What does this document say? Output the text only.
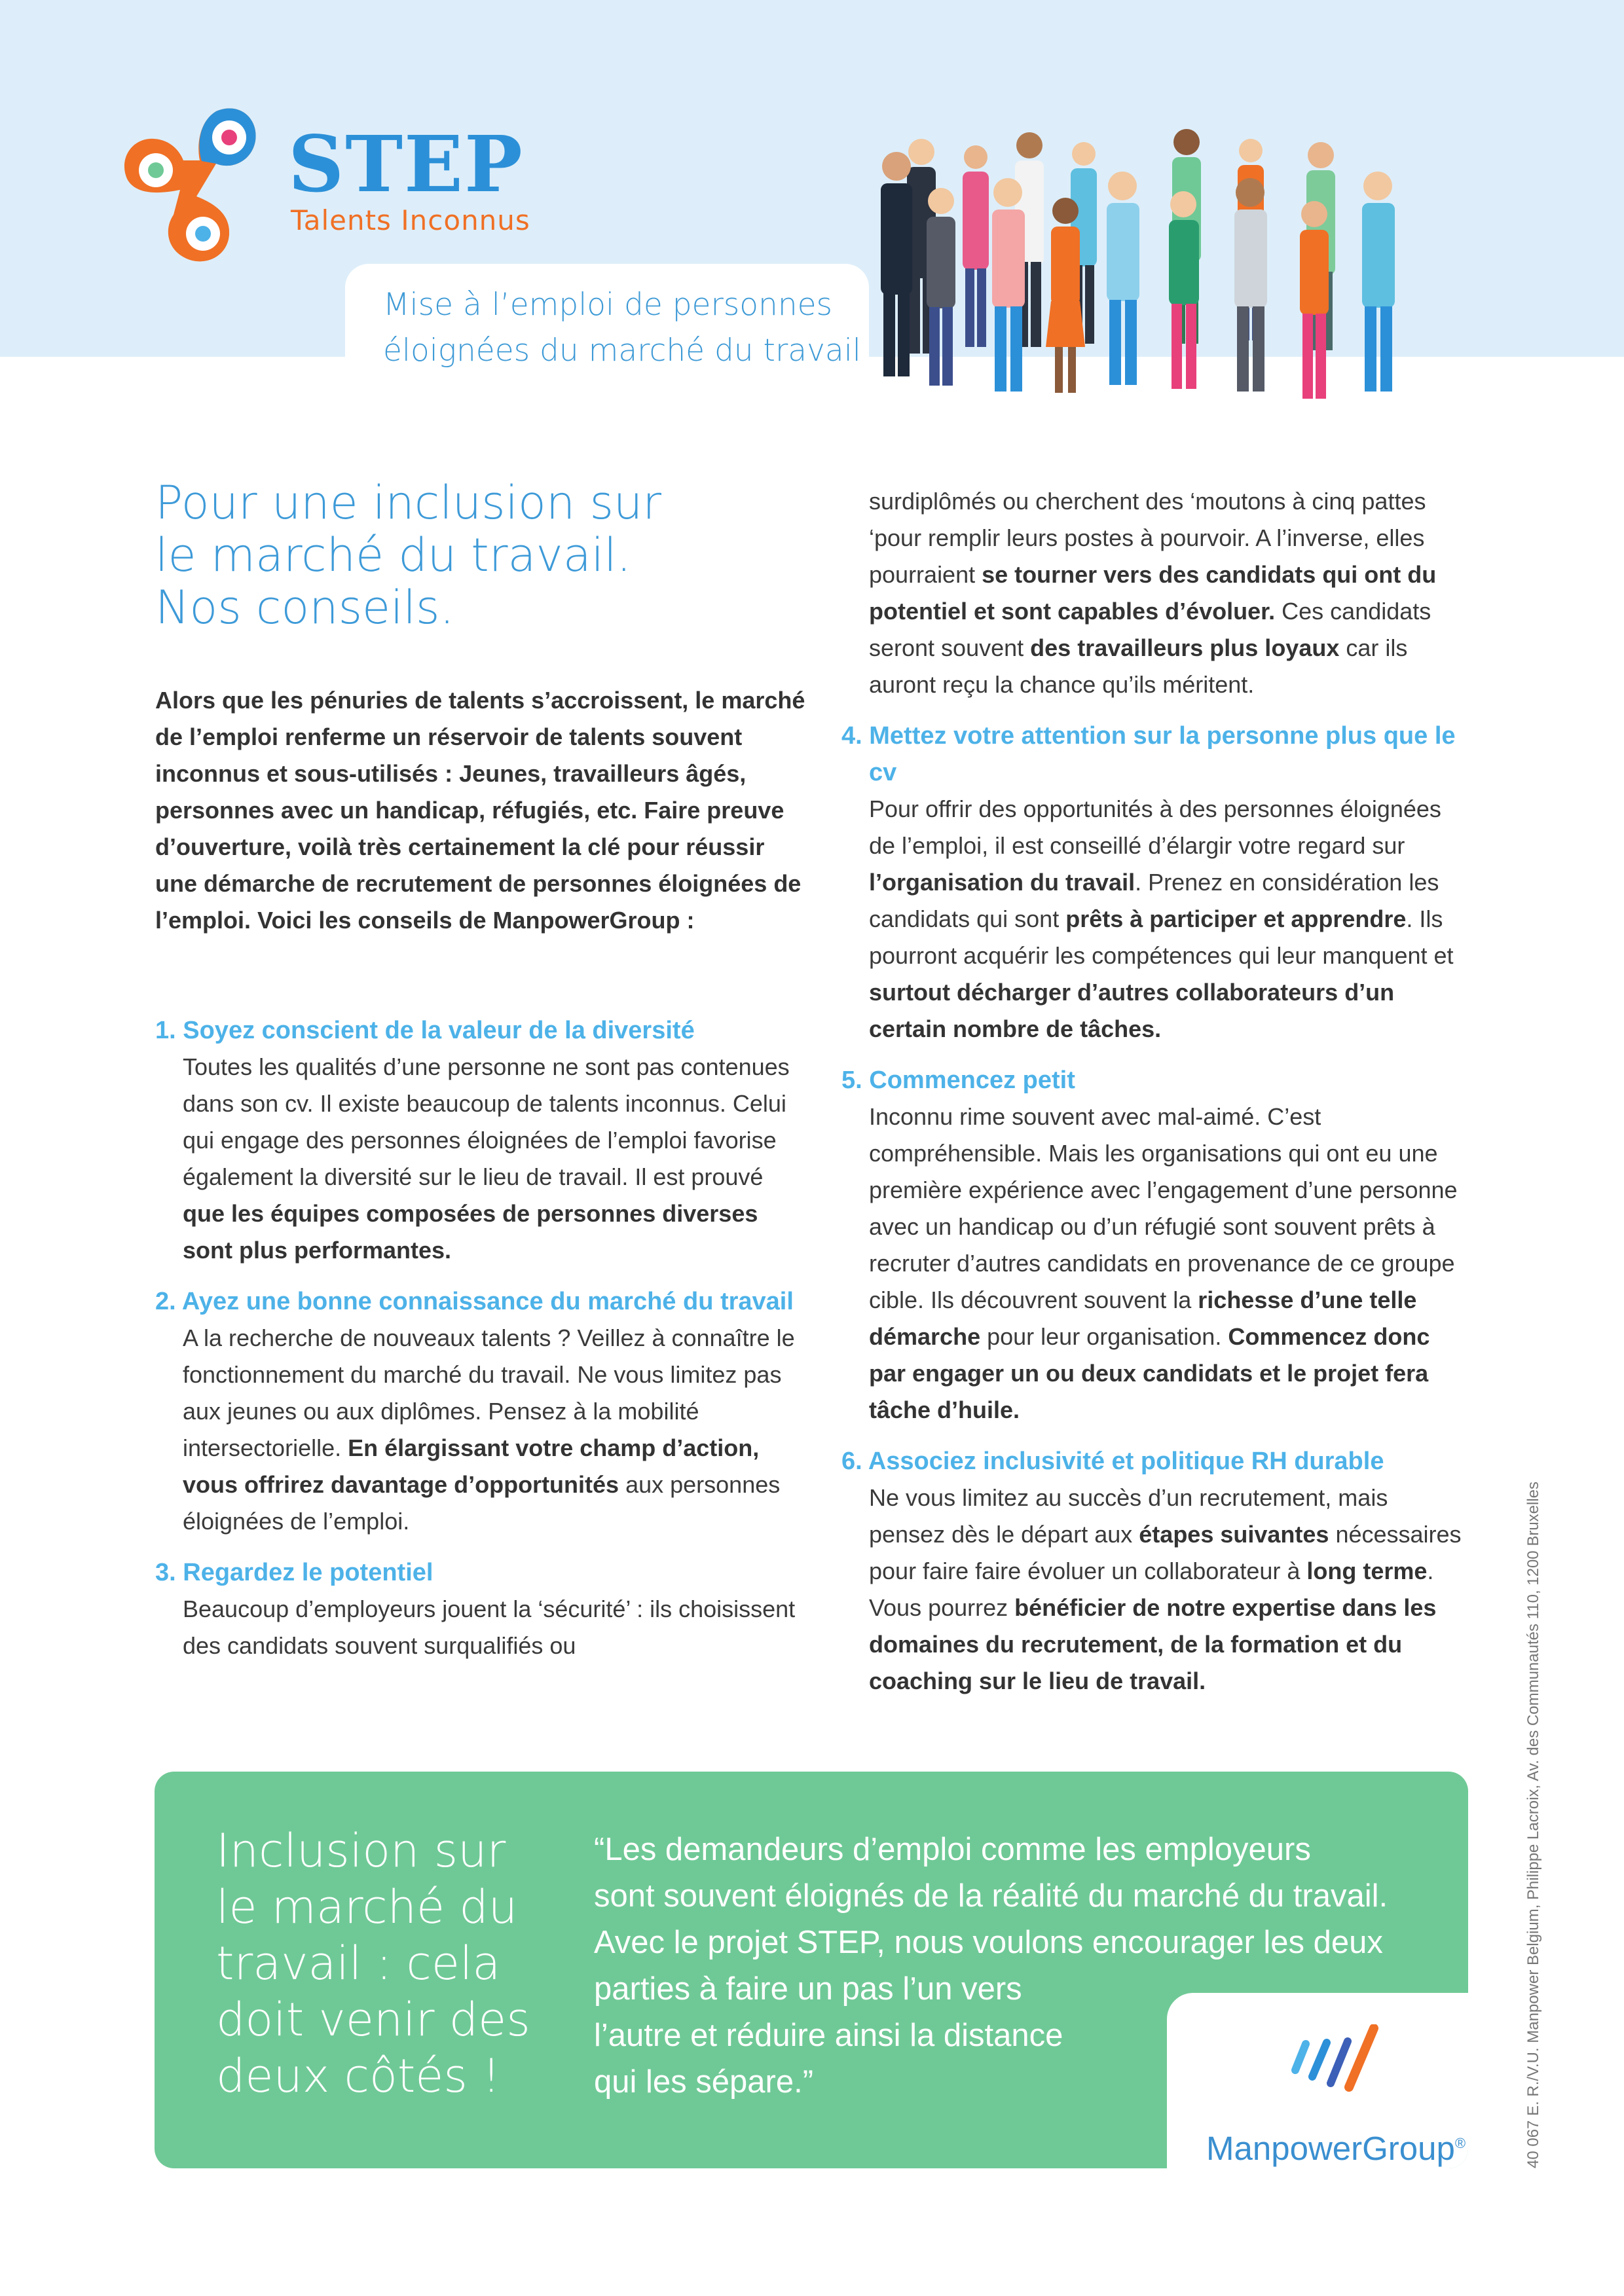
STEP
Talents Inconnus
Mise à l’emploi de personnes
éloignées du marché du travail
Pour une inclusion sur
le marché du travail.
Nos conseils.
Alors que les pénuries de talents s’accroissent, le marché de l’emploi renferme un réservoir de talents souvent inconnus et sous-utilisés : Jeunes, travailleurs âgés, personnes avec un handicap, réfugiés, etc. Faire preuve d’ouverture, voilà très certainement la clé pour réussir une démarche de recrutement de personnes éloignées de l’emploi. Voici les conseils de ManpowerGroup :
1. Soyez conscient de la valeur de la diversité
Toutes les qualités d’une personne ne sont pas contenues dans son cv. Il existe beaucoup de talents inconnus. Celui qui engage des personnes éloignées de l’emploi favorise également la diversité sur le lieu de travail. Il est prouvé que les équipes composées de personnes diverses sont plus performantes.
2. Ayez une bonne connaissance du marché du travail
A la recherche de nouveaux talents ? Veillez à connaître le fonctionnement du marché du travail. Ne vous limitez pas aux jeunes ou aux diplômes. Pensez à la mobilité intersectorielle. En élargissant votre champ d’action, vous offrirez davantage d’opportunités aux personnes éloignées de l’emploi.
3. Regardez le potentiel
Beaucoup d’employeurs jouent la ‘sécurité’ : ils choisissent des candidats souvent surqualifiés ou
surdiplômés ou cherchent des ‘moutons à cinq pattes ‘pour remplir leurs postes à pourvoir. A l’inverse, elles pourraient se tourner vers des candidats qui ont du potentiel et sont capables d’évoluer. Ces candidats seront souvent des travailleurs plus loyaux car ils auront reçu la chance qu’ils méritent.
4. Mettez votre attention sur la personne plus que le cv
Pour offrir des opportunités à des personnes éloignées de l’emploi, il est conseillé d’élargir votre regard sur l’organisation du travail. Prenez en considération les candidats qui sont prêts à participer et apprendre. Ils pourront acquérir les compétences qui leur manquent et surtout décharger d’autres collaborateurs d’un certain nombre de tâches.
5. Commencez petit
Inconnu rime souvent avec mal-aimé. C’est compréhensible. Mais les organisations qui ont eu une première expérience avec l’engagement d’une personne avec un handicap ou d’un réfugié sont souvent prêts à recruter d’autres candidats en provenance de ce groupe cible. Ils découvrent souvent la richesse d’une telle démarche pour leur organisation. Commencez donc par engager un ou deux candidats et le projet fera tâche d’huile.
6. Associez inclusivité et politique RH durable
Ne vous limitez au succès d’un recrutement, mais pensez dès le départ aux étapes suivantes nécessaires pour faire faire évoluer un collaborateur à long terme. Vous pourrez bénéficier de notre expertise dans les domaines du recrutement, de la formation et du coaching sur le lieu de travail.
Inclusion sur
le marché du
travail : cela
doit venir des
deux côtés !
“Les demandeurs d’emploi comme les employeurs
sont souvent éloignés de la réalité du marché du travail.
Avec le projet STEP, nous voulons encourager les deux
parties à faire un pas l’un vers
l’autre et réduire ainsi la distance
qui les sépare.”
ManpowerGroup®	40 067 E. R./V.U. Manpower Belgium, Philippe Lacroix, Av. des Communautés 110, 1200 Bruxelles
